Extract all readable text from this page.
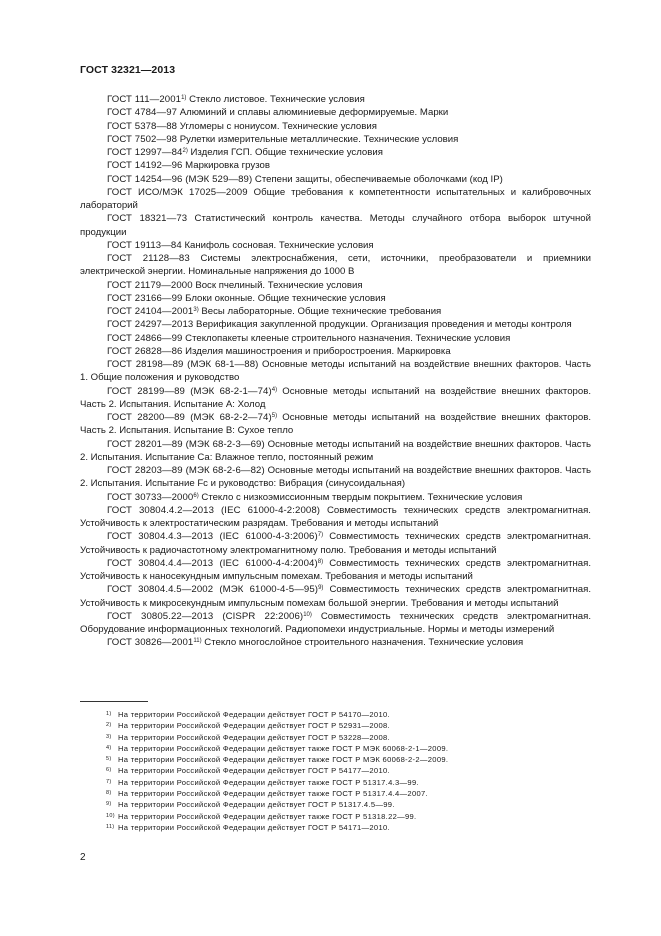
ГОСТ 32321—2013

ГОСТ 111—2001$^{1)}$ Стекло листовое. Технические условия

ГОСТ 4784—97 Алюминий и сплавы алюминиевые деформируемые. Марки

ГОСТ 5378—88 Угломеры с нониусом. Технические условия

ГОСТ 7502—98 Рулетки измерительные металлические. Технические условия

ГОСТ 12997—84$^{2)}$ Изделия ГСП. Общие технические условия

ГОСТ 14192—96 Маркировка грузов

ГОСТ 14254—96 (МЭК 529—89) Степени защиты, обеспечиваемые оболочками (код IP)

ГОСТ ИСО/МЭК 17025—2009 Общие требования к компетентности испытательных и калибровочных лабораторий

ГОСТ 18321—73 Статистический контроль качества. Методы случайного отбора выборок штучной продукции

ГОСТ 19113—84 Канифоль сосновая. Технические условия

ГОСТ 21128—83 Системы электроснабжения, сети, источники, преобразователи и приемники электрической энергии. Номинальные напряжения до 1000 В

ГОСТ 21179—2000 Воск пчелиный. Технические условия

ГОСТ 23166—99 Блоки оконные. Общие технические условия

ГОСТ 24104—2001$^{3)}$ Весы лабораторные. Общие технические требования

ГОСТ 24297—2013 Верификация закупленной продукции. Организация проведения и методы контроля

ГОСТ 24866—99 Стеклопакеты клееные строительного назначения. Технические условия

ГОСТ 26828—86 Изделия машиностроения и приборостроения. Маркировка

ГОСТ 28198—89 (МЭК 68-1—88) Основные методы испытаний на воздействие внешних факторов. Часть 1. Общие положения и руководство

ГОСТ 28199—89 (МЭК 68-2-1—74)$^{4)}$ Основные методы испытаний на воздействие внешних факторов. Часть 2. Испытания. Испытание А: Холод

ГОСТ 28200—89 (МЭК 68-2-2—74)$^{5)}$ Основные методы испытаний на воздействие внешних факторов. Часть 2. Испытания. Испытание В: Сухое тепло

ГОСТ 28201—89 (МЭК 68-2-3—69) Основные методы испытаний на воздействие внешних факторов. Часть 2. Испытания. Испытание Са: Влажное тепло, постоянный режим

ГОСТ 28203—89 (МЭК 68-2-6—82) Основные методы испытаний на воздействие внешних факторов. Часть 2. Испытания. Испытание Fc и руководство: Вибрация (синусоидальная)

ГОСТ 30733—2000$^{6)}$ Стекло с низкоэмиссионным твердым покрытием. Технические условия

ГОСТ 30804.4.2—2013 (IEC 61000-4-2:2008) Совместимость технических средств электромагнитная. Устойчивость к электростатическим разрядам. Требования и методы испытаний

ГОСТ 30804.4.3—2013 (IEC 61000-4-3:2006)$^{7)}$ Совместимость технических средств электромагнитная. Устойчивость к радиочастотному электромагнитному полю. Требования и методы испытаний

ГОСТ 30804.4.4—2013 (IEC 61000-4-4:2004)$^{8)}$ Совместимость технических средств электромагнитная. Устойчивость к наносекундным импульсным помехам. Требования и методы испытаний

ГОСТ 30804.4.5—2002 (МЭК 61000-4-5—95)$^{9)}$ Совместимость технических средств электромагнитная. Устойчивость к микросекундным импульсным помехам большой энергии. Требования и методы испытаний

ГОСТ 30805.22—2013 (CISPR 22:2006)$^{10)}$ Совместимость технических средств электромагнитная. Оборудование информационных технологий. Радиопомехи индустриальные. Нормы и методы измерений

ГОСТ 30826—2001$^{11)}$ Стекло многослойное строительного назначения. Технические условия

1) На территории Российской Федерации действует ГОСТ Р 54170—2010.

2) На территории Российской Федерации действует ГОСТ Р 52931—2008.

3) На территории Российской Федерации действует ГОСТ Р 53228—2008.

4) На территории Российской Федерации действует также ГОСТ Р МЭК 60068-2-1—2009.

5) На территории Российской Федерации действует также ГОСТ Р МЭК 60068-2-2—2009.

6) На территории Российской Федерации действует ГОСТ Р 54177—2010.

7) На территории Российской Федерации действует также ГОСТ Р 51317.4.3—99.

8) На территории Российской Федерации действует также ГОСТ Р 51317.4.4—2007.

9) На территории Российской Федерации действует ГОСТ Р 51317.4.5—99.

10) На территории Российской Федерации действует также ГОСТ Р 51318.22—99.

11) На территории Российской Федерации действует ГОСТ Р 54171—2010.

2
